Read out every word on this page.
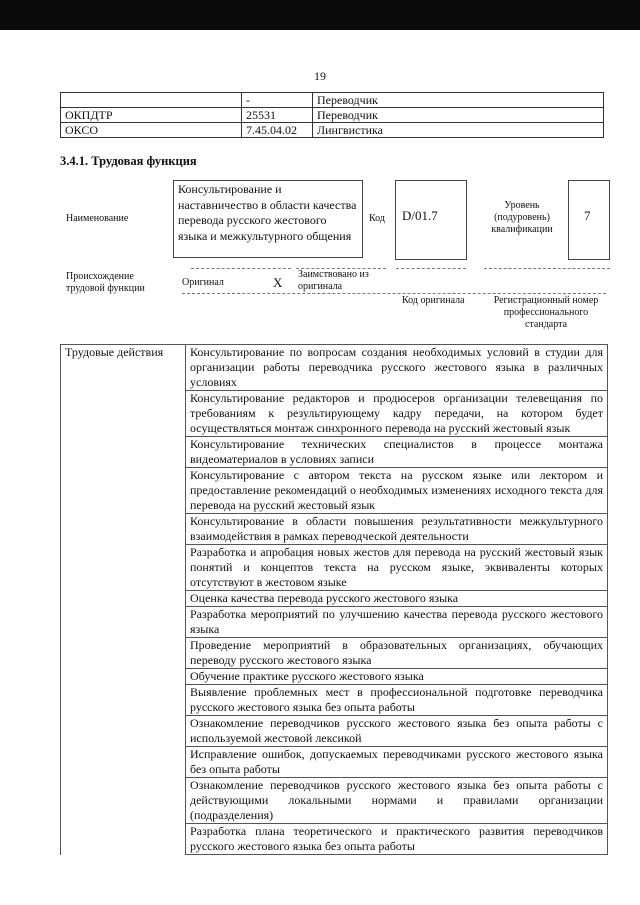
19
	-	Переводчик
ОКПДТР	25531	Переводчик
ОКСО	7.45.04.02	Лингвистика
3.4.1. Трудовая функция
Наименование
Консультирование и наставничество в области качества перевода русского жестового языка и межкультурного общения
Код D/01.7
Уровень (подуровень) квалификации
7
Происхождение трудовой функции
Оригинал	X
Заимствовано из оригинала
Код оригинала	Регистрационный номер профессионального стандарта
Трудовые действия	Консультирование по вопросам создания необходимых условий в студии для организации работы переводчика русского жестового языка в различных условиях
Консультирование редакторов и продюсеров организации телевещания по требованиям к результирующему кадру передачи, на котором будет осуществляться монтаж синхронного перевода на русский жестовый язык
Консультирование технических специалистов в процессе монтажа видеоматериалов в условиях записи
Консультирование с автором текста на русском языке или лектором и предоставление рекомендаций о необходимых изменениях исходного текста для перевода на русский жестовый язык
Консультирование в области повышения результативности межкультурного взаимодействия в рамках переводческой деятельности
Разработка и апробация новых жестов для перевода на русский жестовый язык понятий и концептов текста на русском языке, эквиваленты которых отсутствуют в жестовом языке
Оценка качества перевода русского жестового языка
Разработка мероприятий по улучшению качества перевода русского жестового языка
Проведение мероприятий в образовательных организациях, обучающих переводу русского жестового языка
Обучение практике русского жестового языка
Выявление проблемных мест в профессиональной подготовке переводчика русского жестового языка без опыта работы
Ознакомление переводчиков русского жестового языка без опыта работы с используемой жестовой лексикой
Исправление ошибок, допускаемых переводчиками русского жестового языка без опыта работы
Ознакомление переводчиков русского жестового языка без опыта работы с действующими локальными нормами и правилами организации (подразделения)
Разработка плана теоретического и практического развития переводчиков русского жестового языка без опыта работы
